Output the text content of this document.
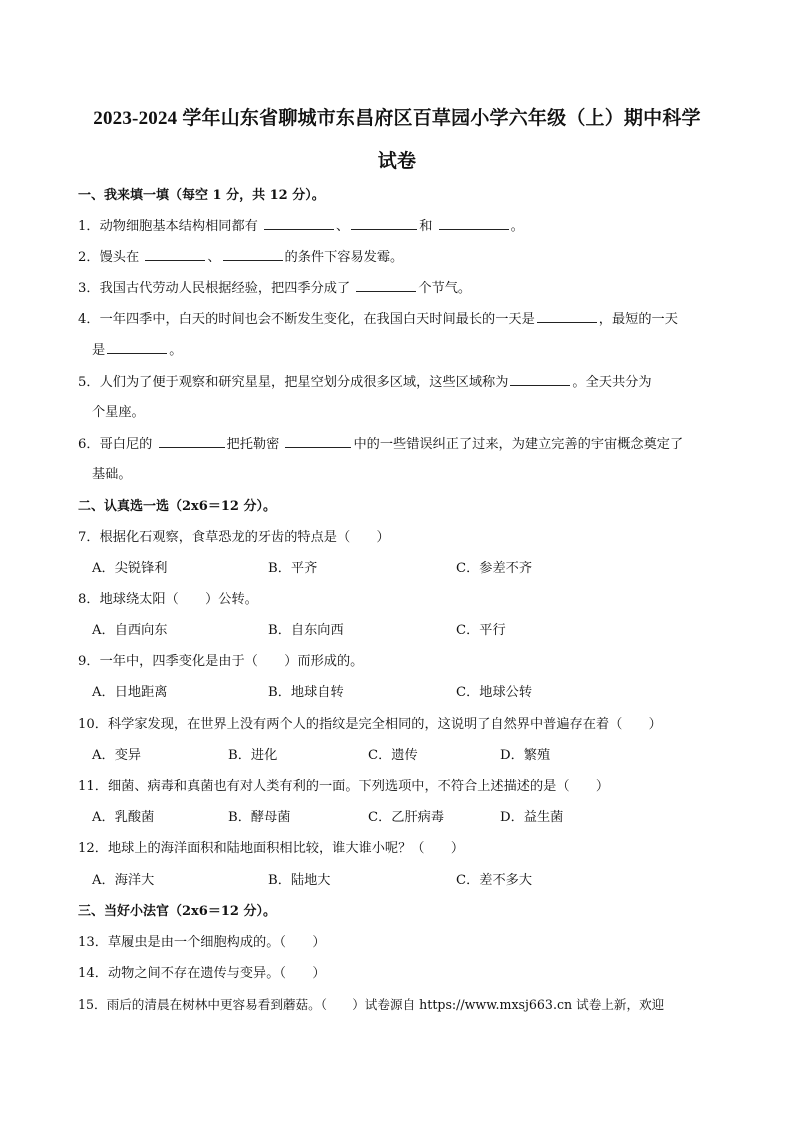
2023-2024 学年山东省聊城市东昌府区百草园小学六年级（上）期中科学
试卷
一、我来填一填（每空 1 分，共 12 分）。
1．动物细胞基本结构相同都有	、	和	。
2．馒头在	、	的条件下容易发霉。
3．我国古代劳动人民根据经验，把四季分成了	个节气。
4．一年四季中，白天的时间也会不断发生变化，在我国白天时间最长的一天是	，最短的一天
是	。
5．人们为了便于观察和研究星星，把星空划分成很多区域，这些区域称为	。全天共分为
个星座。
6．哥白尼的	把托勒密	中的一些错误纠正了过来，为建立完善的宇宙概念奠定了
基础。
二、认真选一选（2x6＝12 分）。
7．根据化石观察，食草恐龙的牙齿的特点是（　　）
A．尖锐锋利	B．平齐	C．参差不齐
8．地球绕太阳（　　）公转。
A．自西向东	B．自东向西	C．平行
9．一年中，四季变化是由于（　　）而形成的。
A．日地距离	B．地球自转	C．地球公转
10．科学家发现，在世界上没有两个人的指纹是完全相同的，这说明了自然界中普遍存在着（　　）
A．变异	B．进化	C．遗传	D．繁殖
11．细菌、病毒和真菌也有对人类有利的一面。下列选项中，不符合上述描述的是（　　）
A．乳酸菌	B．酵母菌	C．乙肝病毒	D．益生菌
12．地球上的海洋面积和陆地面积相比较，谁大谁小呢？（　　）
A．海洋大	B．陆地大	C．差不多大
三、当好小法官（2x6＝12 分）。
13．草履虫是由一个细胞构成的。（　　）
14．动物之间不存在遗传与变异。（　　）
15．雨后的清晨在树林中更容易看到蘑菇。（　　）试卷源自 https://www.mxsj663.cn 试卷上新，欢迎
